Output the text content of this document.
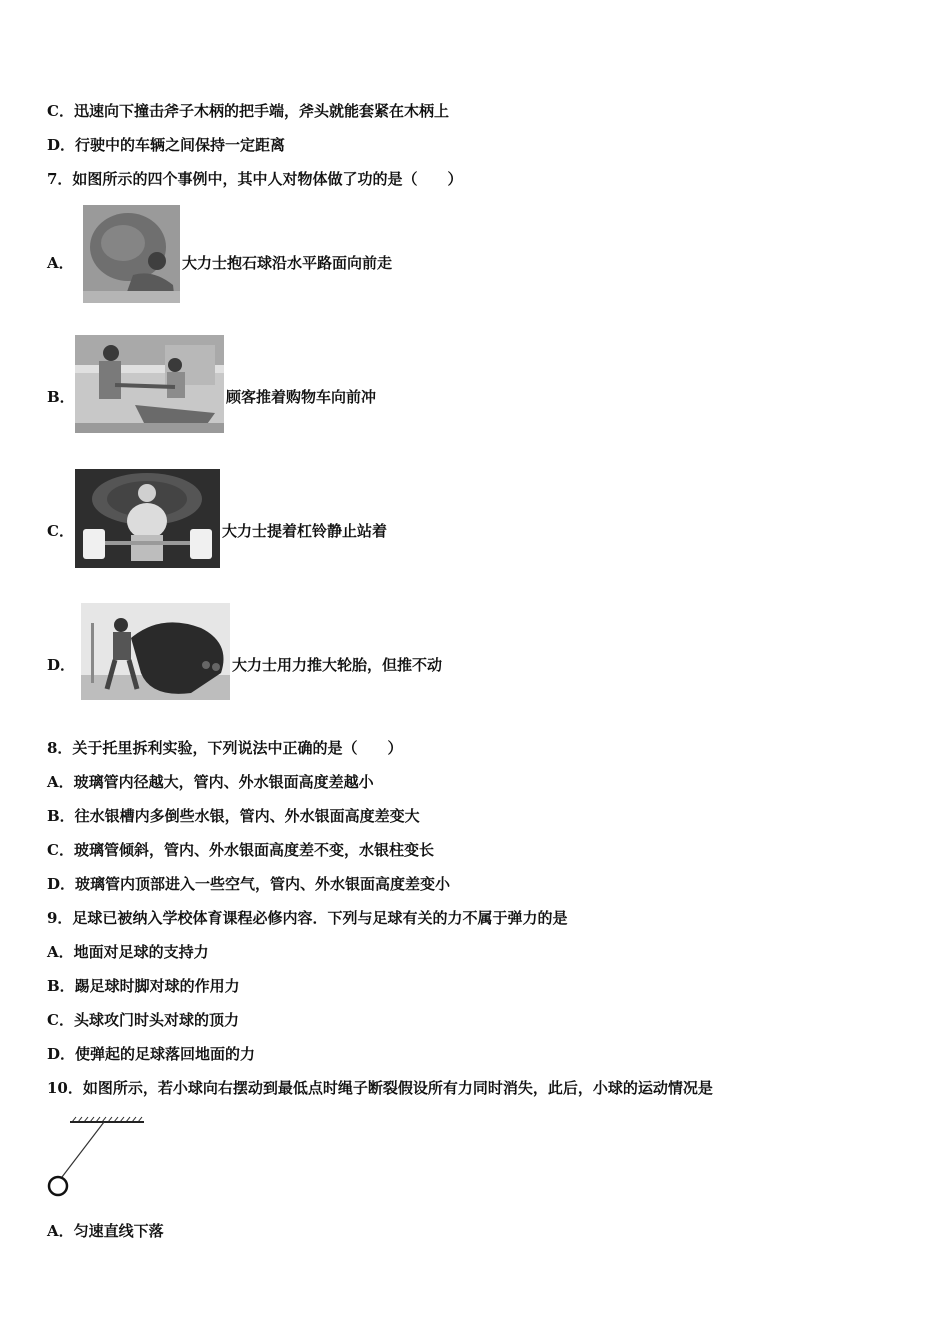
C．迅速向下撞击斧子木柄的把手端，斧头就能套紧在木柄上
D．行驶中的车辆之间保持一定距离
7．如图所示的四个事例中，其中人对物体做了功的是（　　）
A．	大力士抱石球沿水平路面向前走
B．	顾客推着购物车向前冲
C．	大力士提着杠铃静止站着
D．	大力士用力推大轮胎，但推不动
8．关于托里拆利实验，下列说法中正确的是（　　）
A．玻璃管内径越大，管内、外水银面高度差越小
B．往水银槽内多倒些水银，管内、外水银面高度差变大
C．玻璃管倾斜，管内、外水银面高度差不变，水银柱变长
D．玻璃管内顶部进入一些空气，管内、外水银面高度差变小
9．足球已被纳入学校体育课程必修内容．下列与足球有关的力不属于弹力的是
A．地面对足球的支持力
B．踢足球时脚对球的作用力
C．头球攻门时头对球的顶力
D．使弹起的足球落回地面的力
10．如图所示，若小球向右摆动到最低点时绳子断裂假设所有力同时消失，此后，小球的运动情况是
A．匀速直线下落
